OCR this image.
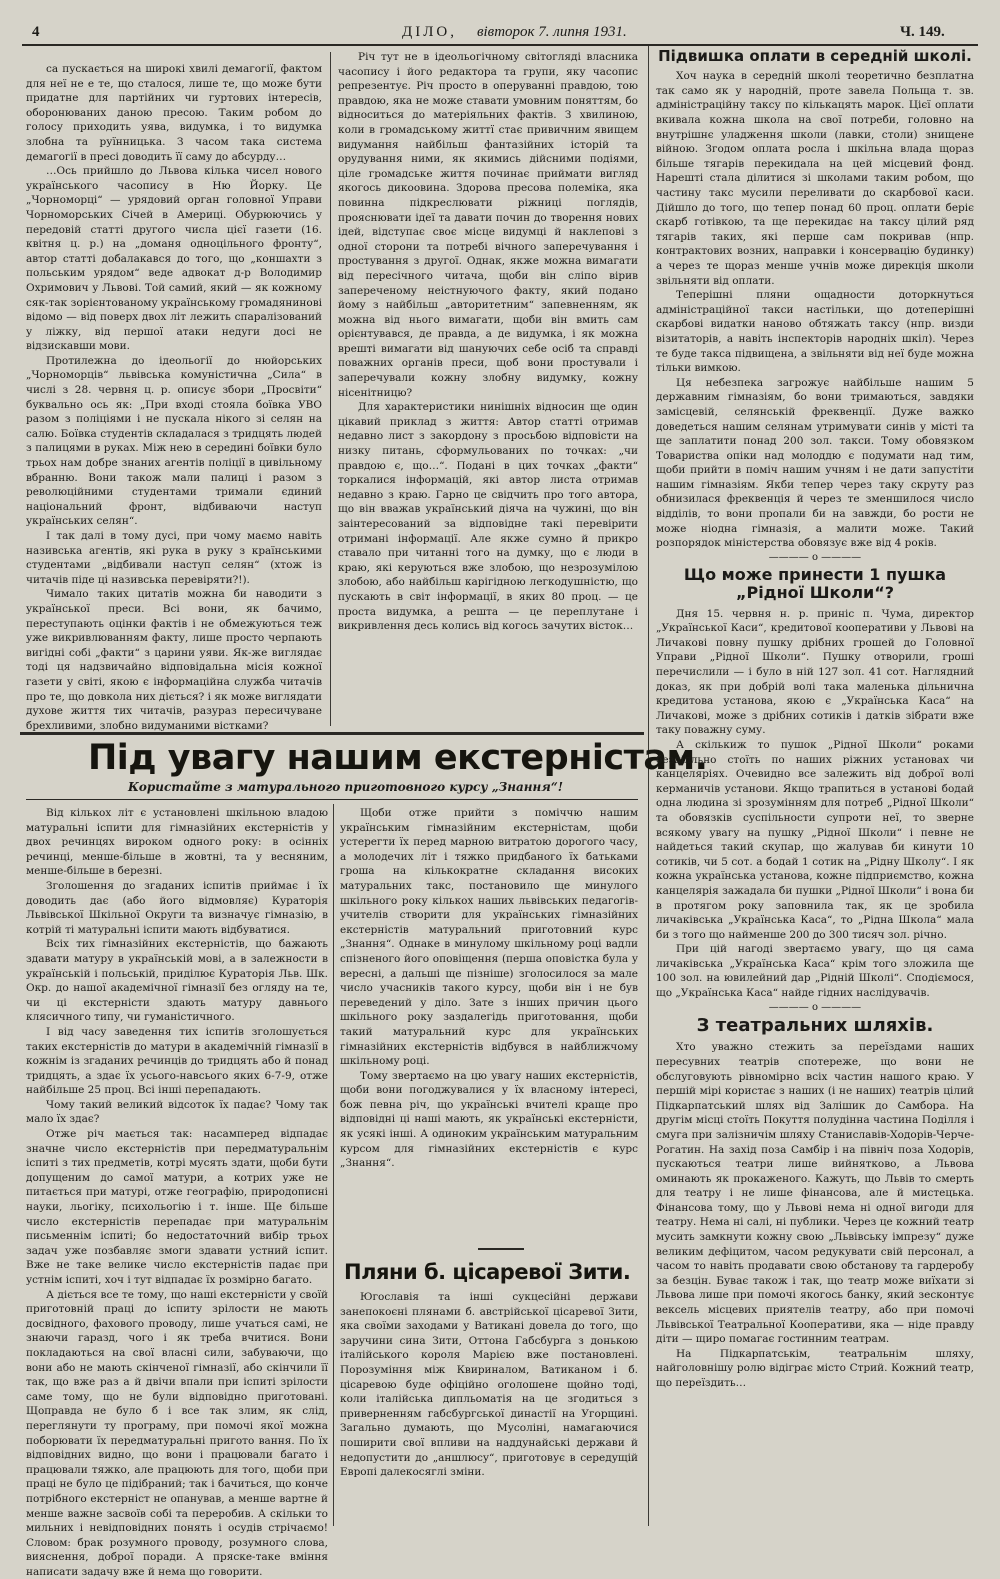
4	ДІЛО, вівторок 7. липня 1931.	Ч. 149.

са пускається на широкі хвилі демагогії, фактом для неї не е те, що сталося, лише те, що може бути придатне для партійних чи гуртових інтересів, оборонюваних даною пресою. Таким робом до голосу приходить уява, видумка, і то видумка злобна та руїнницька. З часом така система демагогії в пресі доводить її саму до абсурду…

…Ось прийшло до Львова кілька чисел нового українського часопису в Ню Йорку. Це „Чорноморці“ — урядовий орган головної Управи Чорноморських Січей в Америці. Обурюючись у передовій статті другого числа цієї газети (16. квітня ц. р.) на „доманя одноцільного фронту“, автор статті добалакався до того, що „коншахти з польським урядом“ веде адвокат д-р Володимир Охримович у Львові. Той самий, який — як кожному сяк-так зорієнтованому українському громадянинові відомо — від поверх двох літ лежить спаралізований у ліжку, від першої атаки недуги досі не відзискавши мови.

Протилежна до ідеольогії до нюйорських „Чорноморців“ львівська комуністична „Сила“ в числі з 28. червня ц. р. описує збори „Просвіти“ буквально ось як: „При вході стояла боївка УВО разом з поліціями і не пускала нікого зі селян на салю. Боївка студентів складалася з тридцять людей з палицями в руках. Між нею в середині боївки було трьох нам добре знаних агентів поліції в цивільному вбранню. Вони також мали палиці і разом з революційними студентами тримали єдиний національний фронт, відбиваючи наступ українських селян“.

І так далі в тому дусі, при чому маємо навіть називська агентів, які рука в руку з країнськими студентами „відбивали наступ селян“ (хтож із читачів піде ці називська перевіряти?!).

Чимало таких цитатів можна би наводити з української преси. Всі вони, як бачимо, переступають оцінки фактів і не обмежуються теж уже викривлюванням факту, лише просто черпають вигідні собі „факти“ з царини уяви. Як-же виглядає тоді ця надзвичайно відповідальна місія кожної газети у світі, якою є інформаційна служба читачів про те, що довкола них діється? і як може виглядати духове життя тих читачів, разураз пересичуване брехливими, злобно видуманими вістками?

Річ тут не в ідеольогічному світогляді власника часопису і його редактора та групи, яку часопис репрезентує. Річ просто в оперуванні правдою, тою правдою, яка не може ставати умовним поняттям, бо відноситься до матеріяльних фактів. З хвилиною, коли в громадському життї стає привичним явищем видумання найбільш фантазійних історій та орудування ними, як якимись дійсними подіями, ціле громадське життя починає приймати вигляд якогось дикоовина. Здорова пресова полеміка, яка повинна підкреслювати ріжниці поглядів, прояснювати ідеї та давати почин до творення нових ідей, відступає своє місце видумці й наклепові з одної сторони та потребі вічного заперечування і простування з другої. Однак, якже можна вимагати від пересічного читача, щоби він сліпо вірив запереченому неістнуючого факту, який подано йому з найбільш „авторитетним“ запевненням, як можна від нього вимагати, щоби він вмить сам орієнтувався, де правда, а де видумка, і як можна врешті вимагати від шануючих себе осіб та справді поважних органів преси, щоб вони простували і заперечували кожну злобну видумку, кожну нісенітницю?

Для характеристики нинішніх відносин ще один цікавий приклад з життя: Автор статті отримав недавно лист з закордону з просьбою відповісти на низку питань, сформульованих по точках: „чи правдою є, що…“. Подані в цих точках „факти“ торкалися інформацій, які автор листа отримав недавно з краю. Гарно це свідчить про того автора, що він вважав український діяча на чужині, що він заінтересований за відповідне такі перевірити отримані інформації. Але якже сумно й прикро ставало при читанні того на думку, що є люди в краю, які керуються вже злобою, що незрозумілою злобою, або найбільш карігідною легкодушністю, що пускають в світ інформації, в яких 80 проц. — це проста видумка, а решта — це переплутане і викривлення десь колись від когось зачутих вісток…

Під увагу нашим екстерністам.
Користайте з матурального приготовного курсу „Знання“!

Від кількох літ є установлені шкільною владою матуральні іспити для гімназійних екстерністів у двох речинцях вироком одного року: в осінніх речинці, менше-більше в жовтні, та у весняним, менше-більше в березні.

Зголошення до згаданих іспитів приймає і їх доводить дає (або його відмовляє) Кураторія Львівської Шкільної Округи та визначує гімназію, в котрій ті матуральні іспити мають відбуватися.

Всіх тих гімназійних екстерністів, що бажають здавати матуру в українській мові, а в залежности в українській і польській, приділює Кураторія Льв. Шк. Окр. до нашої академічної гімназії без огляду на те, чи ці екстерністи здають матуру давнього клясичного типу, чи гуманістичного.

І від часу заведення тих іспитів зголошується таких екстерністів до матури в академічній гімназії в кожнім із згаданих речинців до тридцять або й понад тридцять, а здає їх усього-навсього яких 6-7-9, отже найбільше 25 проц. Всі інші перепадають.

Чому такий великий відсоток їх падає? Чому так мало їх здає?

Отже річ мається так: насамперед відпадає значне число екстерністів при передматуральнім іспиті з тих предметів, котрі мусять здати, щоби бути допущеним до самої матури, а котрих уже не питається при матурі, отже географію, природописні науки, льогіку, психольогію і т. інше. Ще більше число екстерністів перепадає при матуральнім письменнім іспиті; бо недостаточний вибір трьох задач уже позбавляє змоги здавати устний іспит. Вже не таке велике число екстерністів падає при устнім іспиті, хоч і тут відпадає їх розмірно багато.

А діється все те тому, що наші екстерністи у своїй приготовній праці до іспиту зрілости не мають досвідного, фахового проводу, лише учаться самі, не знаючи гаразд, чого і як треба вчитися. Вони покладаються на свої власні сили, забуваючи, що вони або не мають скінченої гімназії, або скінчили її так, що вже раз а й двічи впали при іспиті зрілости саме тому, що не були відповідно приготовані. Щоправда не було б і все так злим, як слід, переглянути ту програму, при помочі якої можна поборювати їх передматуральні пригото вання. По їх відповідних видно, що вони і працювали багато і працювали тяжко, але працюють для того, щоби при праці не було це підібраний; так і бачиться, що конче потрібного екстерніст не опанував, а менше вартне й менше важне засвоїв собі та переробив. А скільки то мильних і невідповідних понять і осудів стрічаємо! Словом: брак розумного проводу, розумного слова, вияснення, доброї поради. А пряске-таке вміння написати задачу вже й нема що говорити.

Щоби отже прийти з поміччю нашим українським гімназійним екстерністам, щоби устерегти їх перед марною витратою дорогого часу, а молодечих літ і тяжко придбаного їх батьками гроша на кількократне складання високих матуральних такс, постановило ще минулого шкільного року кількох наших львівських педагогів-учителів створити для українських гімназійних екстерністів матуральний приготовний курс „Знання“. Однаке в минулому шкільному році вадли спізненого його оповіщення (перша оповістка була у вересні, а дальші ще пізніше) зголосилося за мале число учасників такого курсу, щоби він і не був переведений у діло. Зате з інших причин цього шкільного року заздалегідь приготовання, щоби такий матуральний курс для українських гімназійних екстерністів відбувся в найближчому шкільному році.

Тому звертаємо на цю увагу наших екстерністів, щоби вони погоджувалися у їх власному інтересі, бож певна річ, що українські вчителі краще про відповідні ці наші мають, як українські екстерністи, як усякі інші. А одиноким українським матуральним курсом для гімназійних екстерністів є курс „Знання“.

Пляни б. цісаревої Зити.

Югославія та інші сукцесійні держави занепокоєні плянами б. австрійської цісаревої Зити, яка своїми заходами у Ватикані довела до того, що заручини сина Зити, Оттона Габсбурга з донькою італійського короля Марією вже постановлені. Порозуміння між Квириналом, Ватиканом і б. цісаревою буде офіційно оголошене щойно тоді, коли італійська дипльоматія на це згодиться з приверненням габсбургської династії на Угорщині. Загально думають, що Мусоліні, намагаючися поширити свої впливи на наддунайські держави й недопустити до „аншлюсу“, приготовує в середущій Европі далекосяглі зміни.

Підвишка оплати в середній школі.

Хоч наука в середній школі теоретично безплатна так само як у народній, проте завела Польща т. зв. адміністраційну таксу по кількацять марок. Цієї оплати вкивала кожна школа на свої потреби, головно на внутрішнє уладження школи (лавки, столи) знищене війною. Згодом оплата росла і шкільна влада щораз більше тягарів перекидала на цей місцевий фонд. Нарешті стала ділитися зі школами таким робом, що частину такс мусили переливати до скарбової каси. Дійшло до того, що тепер понад 60 проц. оплати беріє скарб готівкою, та ще перекидає на таксу цілий ряд тягарів таких, які перше сам покривав (нпр. контрактових возних, направки і консервацію будинку) а через те щораз менше учнів може дирекція школи звільняти від оплати.

Теперішні пляни ощадности доторкнуться адміністраційної такси настільки, що дотеперішні скарбові видатки наново обтяжать таксу (нпр. визди візитаторів, а навіть інспекторів народніх шкіл). Через те буде такса підвищена, а звільняти від неї буде можна тільки вимкою.

Ця небезпека загрожує найбільше нашим 5 державним гімназіям, бо вони тримаються, завдяки замісцевій, селянській фреквенції. Дуже важко доведеться нашим селянам утримувати синів у місті та ще заплатити понад 200 зол. такси. Тому обовязком Товариства опіки над молоддю є подумати над тим, щоби прийти в поміч нашим учням і не дати запустіти нашим гімназіям. Якби тепер через таку скруту раз обнизилася фреквенція й через те зменшилося число відділів, то вони пропали би на завжди, бо рости не може ніодна гімназія, а малити може. Такий розпорядок міністерства обовязує вже від 4 років.

———— o ————
Що може принести 1 пушка „Рідної Школи“?

Дня 15. червня н. р. приніс п. Чума, директор „Української Каси“, кредитової кооперативи у Львові на Личакові повну пушку дрібних грошей до Головної Управи „Рідної Школи“. Пушку отворили, гроші перечислили — і було в ній 127 зол. 41 сот. Наглядний доказ, як при добрій волі така маленька дільнична кредитова установа, якою є „Українська Каса“ на Личакові, може з дрібних сотиків і датків зібрати вже таку поважну суму.

А скількиж то пушок „Рідної Школи“ роками безділльно стоїть по наших ріжних установах чи канцеляріях. Очевидно все залежить від доброї волі керманичів установи. Якщо трапиться в установі бодай одна людина зі зрозумінням для потреб „Рідної Школи“ та обовязків суспільности супроти неї, то зверне всякому увагу на пушку „Рідної Школи“ і певне не найдеться такий скупар, що жалував би кинути 10 сотиків, чи 5 сот. а бодай 1 сотик на „Рідну Школу“. І як кожна українська установа, кожне підприємство, кожна канцелярія зажадала би пушки „Рідної Школи“ і вона би в протягом року заповнила так, як це зробила личаківська „Українська Каса“, то „Рідна Школа“ мала би з того що найменше 200 до 300 тисяч зол. річно.

При цій нагоді звертаємо увагу, що ця сама личаківська „Українська Каса“ крім того зложила ще 100 зол. на ювилейний дар „Рідній Школі“. Сподіємося, що „Українська Каса“ найде гідних наслідувачів.

———— o ————
З театральних шляхів.

Хто уважно стежить за переїздами наших пересувних театрів спотереже, що вони не обслуговують рівномірно всіх частин нашого краю. У першій мірі користає з наших (і не наших) театрів цілий Підкарпатський шлях від Залішик до Самбора. На другім місці стоїть Покуття полудінна частина Поділля і смуга при залізничім шляху Станиславів-Ходорів-Черче-Рогатин. На захід поза Самбір і на північ поза Ходорів, пускаються театри лише вийнятково, а Львова оминають як прокаженого. Кажуть, що Львів то смерть для театру і не лише фінансова, але й мистецька. Фінансова тому, що у Львові нема ні одної вигоди для театру. Нема ні салі, ні публики. Через це кожний театр мусить замкнути кожну свою „Львівську імпрезу“ дуже великим дефіцитом, часом редукувати свій персонал, а часом то навіть продавати свою обстанову та гардеробу за безцін. Буває також і так, що театр може виїхати зі Львова лише при помочі якогось банку, який зесконтує вексель місцевих приятелів театру, або при помочі Львівської Театральної Кооперативи, яка — ніде правду діти — щиро помагає гостинним театрам.

На Підкарпатськім, театральнім шляху, найголовнішу ролю відіграє місто Стрий. Кожний театр, що переїздить…
